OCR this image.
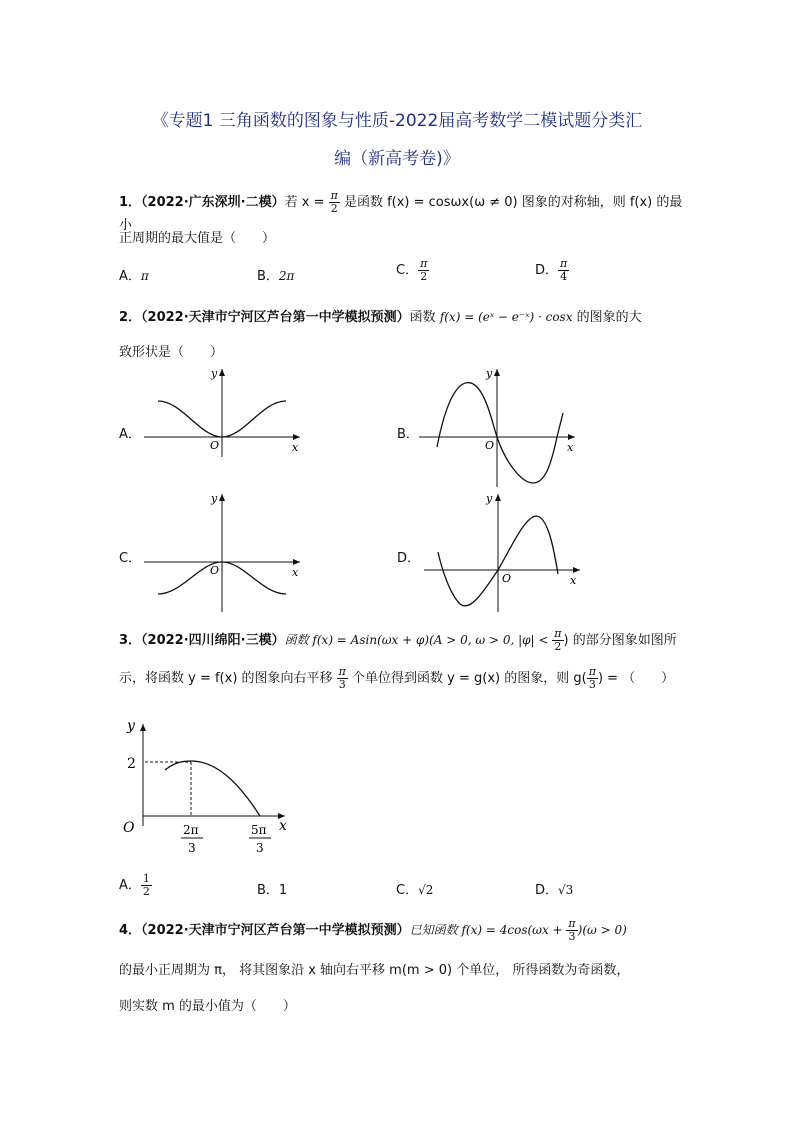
《专题1 三角函数的图象与性质-2022届高考数学二模试题分类汇
编（新高考卷)》
1．（2022·广东深圳·二模）若 $x = \frac{\pi}{2}$ 是函数 f(x) = cosωx(ω ≠ 0) 图象的对称轴，则 f(x) 的最小
正周期的最大值是（　　）
A．π	B．2π	C． $\frac{\pi}{2}$	D． $\frac{\pi}{4}$
2．（2022·天津市宁河区芦台第一中学模拟预测）函数 f(x) = (eˣ − e⁻ˣ) · cosx 的图象的大
致形状是（　　）
A．
O	x
y
B．
O	x
y
C．
O	x
y
D．
O	x
y
3．（2022·四川绵阳·三模）函数 f(x) = Asin(ωx + φ)(A > 0, ω > 0, $|\varphi| < \frac{\pi}{2}$ ) 的部分图象如图所
示，将函数 y = f(x) 的图象向右平移 $\frac{\pi}{3}$ 个单位得到函数 y = g(x) 的图象，则 $g( \frac{\pi}{3}$ ) = （　　）
y
O
2
x
2π
3
5π
3
A． $\frac{1}{2}$	B．1	C．√2	D．√3
4．（2022·天津市宁河区芦台第一中学模拟预测）已知函数 $f(x) = 4\cos(\omega x + \frac{\pi}{3} )(\omega > 0)$
的最小正周期为 π， 将其图象沿 x 轴向右平移 m(m > 0) 个单位， 所得函数为奇函数，
则实数 m 的最小值为（　　）
